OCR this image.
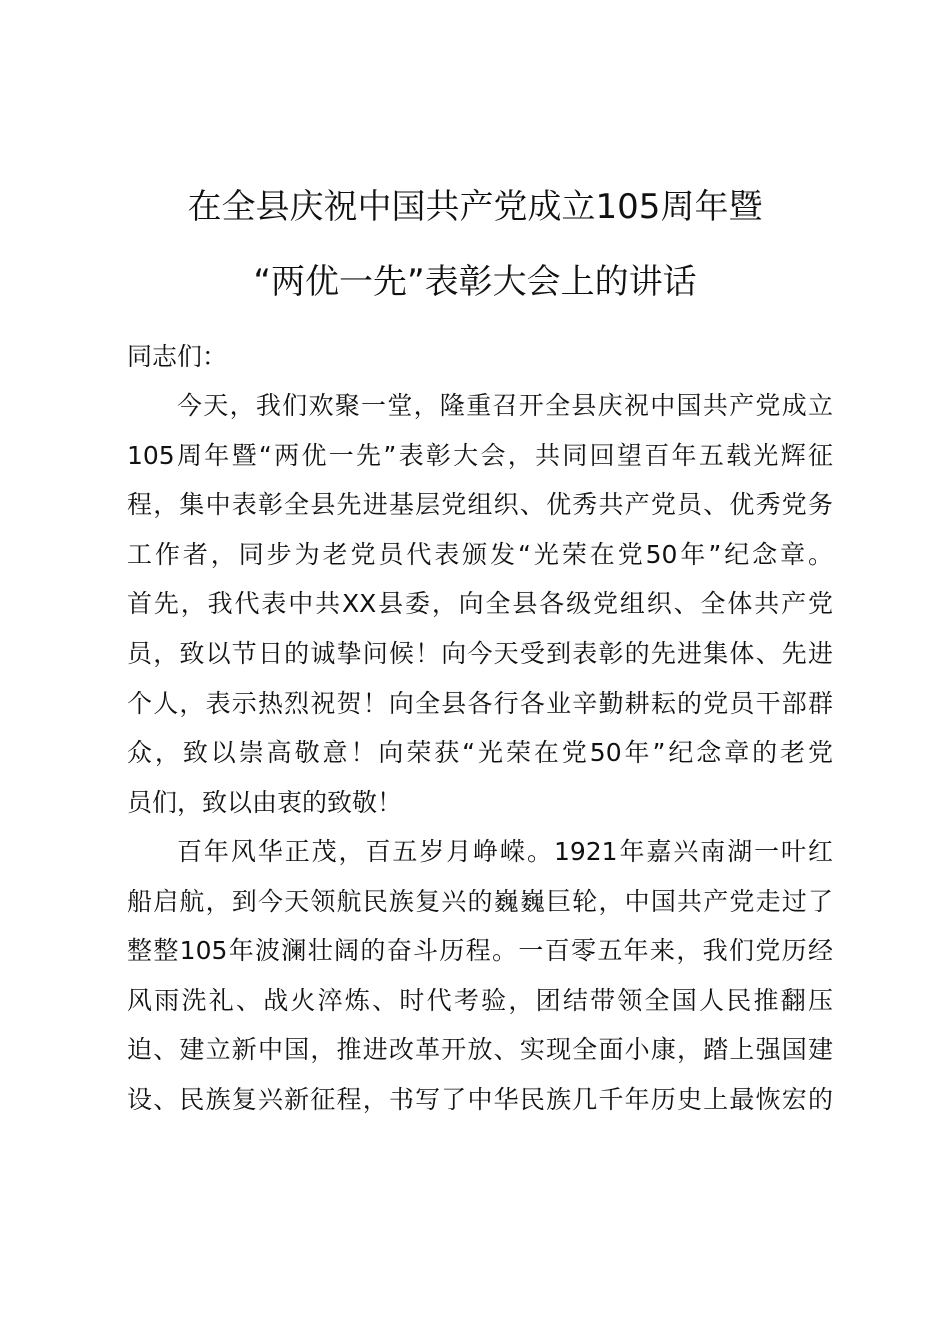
在全县庆祝中国共产党成立105周年暨
“两优一先”表彰大会上的讲话
同志们：
今天，我们欢聚一堂，隆重召开全县庆祝中国共产党成立
105周年暨“两优一先”表彰大会，共同回望百年五载光辉征
程，集中表彰全县先进基层党组织、优秀共产党员、优秀党务
工作者，同步为老党员代表颁发“光荣在党50年”纪念章。
首先，我代表中共XX县委，向全县各级党组织、全体共产党
员，致以节日的诚挚问候！向今天受到表彰的先进集体、先进
个人，表示热烈祝贺！向全县各行各业辛勤耕耘的党员干部群
众，致以崇高敬意！向荣获“光荣在党50年”纪念章的老党
员们，致以由衷的致敬！
百年风华正茂，百五岁月峥嵘。1921年嘉兴南湖一叶红
船启航，到今天领航民族复兴的巍巍巨轮，中国共产党走过了
整整105年波澜壮阔的奋斗历程。一百零五年来，我们党历经
风雨洗礼、战火淬炼、时代考验，团结带领全国人民推翻压
迫、建立新中国，推进改革开放、实现全面小康，踏上强国建
设、民族复兴新征程，书写了中华民族几千年历史上最恢宏的
